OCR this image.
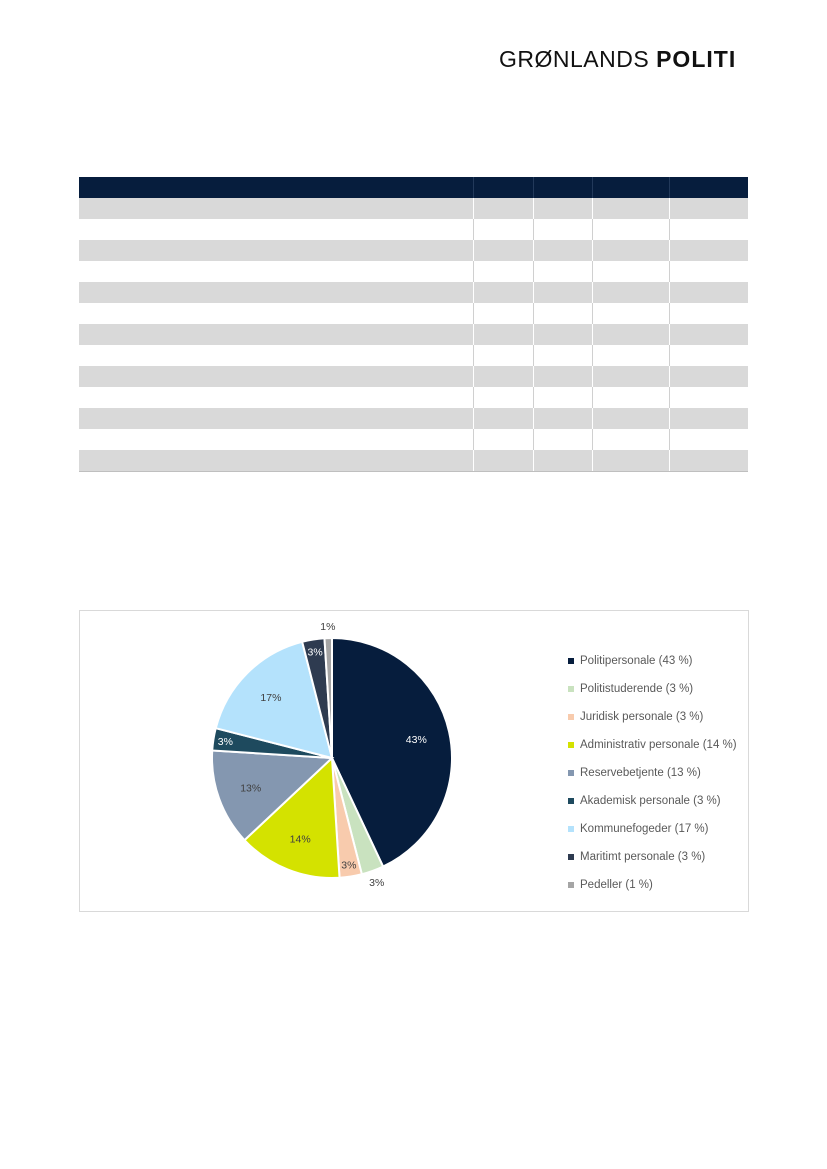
GRØNLANDS POLITI

43%
3%
3%
14%
13%
3%
17%
3%
1%
Politipersonale (43 %)
Politistuderende (3 %)
Juridisk personale (3 %)
Administrativ personale (14 %)
Reservebetjente (13 %)
Akademisk personale (3 %)
Kommunefogeder (17 %)
Maritimt personale (3 %)
Pedeller (1 %)
